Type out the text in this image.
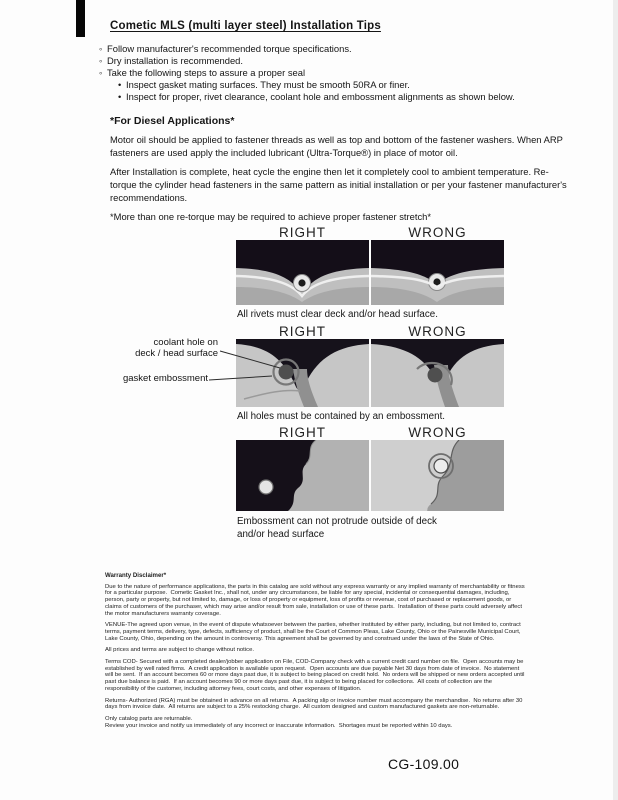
Cometic MLS (multi layer steel) Installation Tips
◦
Follow manufacturer's recommended torque specifications.
◦
Dry installation is recommended.
◦
Take the following steps to assure a proper seal
•
Inspect gasket mating surfaces. They must be smooth 50RA or finer.
•
Inspect for proper, rivet clearance, coolant hole and embossment alignments as shown below.
*For Diesel Applications*

Motor oil should be applied to fastener threads as well as top and bottom of the fastener washers. When ARP fasteners are used apply the included lubricant (Ultra-Torque®) in place of motor oil.

After Installation is complete, heat cycle the engine then let it completely cool to ambient temperature. Re-torque the cylinder head fasteners in the same pattern as initial installation or per your fastener manufacturer's recommendations.

*More than one re-torque may be required to achieve proper fastener stretch*

RIGHT	WRONG
All rivets must clear deck and/or head surface.
RIGHT	WRONG
coolant hole on
deck / head surface
gasket embossment
All holes must be contained by an embossment.
RIGHT	WRONG
Embossment can not protrude outside of deck and/or head surface
Warranty Disclaimer*

Due to the nature of performance applications, the parts in this catalog are sold without any express warranty or any implied warranty of merchantability or fitness for a particular purpose.  Cometic Gasket Inc., shall not, under any circumstances, be liable for any special, incidental or consequential damages, including, person, party or property, but not limited to, damage, or loss of property or equipment, loss of profits or revenue, cost of purchased or replacement goods, or claims of customers of the purchaser, which may arise and/or result from sale, installation or use of these parts.  Installation of these parts could adversely affect the motor manufacturers warranty coverage.

VENUE-The agreed upon venue, in the event of dispute whatsoever between the parties, whether instituted by either party, including, but not limited to, contract terms, payment terms, delivery, type, defects, sufficiency of product, shall be the Court of Common Pleas, Lake County, Ohio or the Painesville Municipal Court, Lake County, Ohio, depending on the amount in controversy. This agreement shall be governed by and construed under the laws of the State of Ohio.

All prices and terms are subject to change without notice.

Terms COD- Secured with a completed dealer/jobber application on File, COD-Company check with a current credit card number on file.  Open accounts may be established by well rated firms.  A credit application is available upon request.  Open accounts are due payable Net 30 days from date of invoice.  No statement will be sent.  If an account becomes 60 or more days past due, it is subject to being placed on credit hold.  No orders will be shipped or new orders accepted until past due balance is paid.  If an account becomes 90 or more days past due, it is subject to being placed for collections.  All costs of collection are the responsibility of the customer, including attorney fees, court costs, and other expenses of litigation.

Returns- Authorized (RGA) must be obtained in advance on all returns.  A packing slip or invoice number must accompany the merchandise.  No returns after 30 days from invoice date.  All returns are subject to a 25% restocking charge.  All custom designed and custom manufactured gaskets are non-returnable.

Only catalog parts are returnable.

Review your invoice and notify us immediately of any incorrect or inaccurate information.  Shortages must be reported within 10 days.

CG-109.00
